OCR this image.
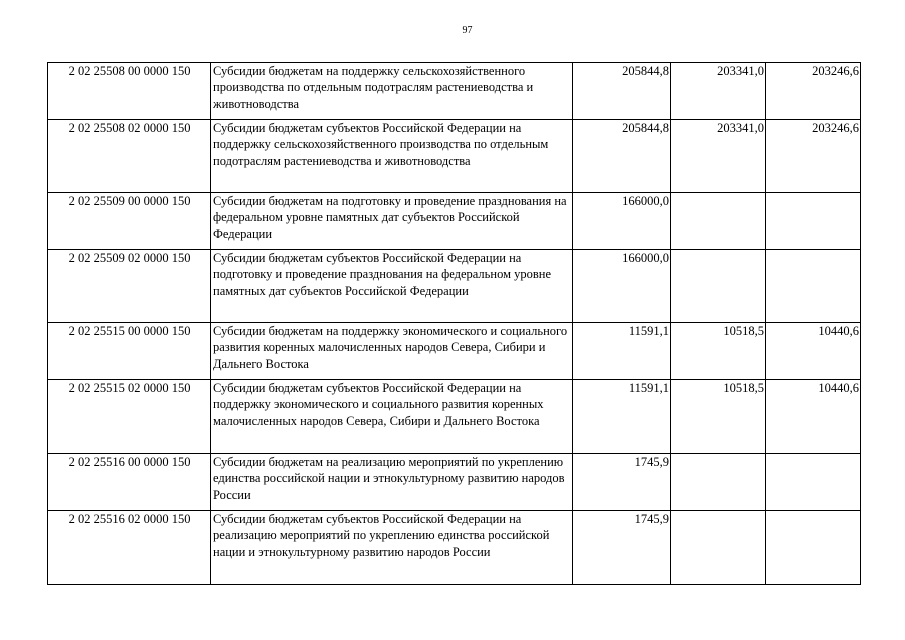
97
2 02 25508 00 0000 150	Субсидии бюджетам на поддержку сельскохозяйственного производства по отдельным подотраслям растениеводства и животноводства	205844,8	203341,0	203246,6
2 02 25508 02 0000 150	Субсидии бюджетам субъектов Российской Федерации на поддержку сельскохозяйственного производства по отдельным подотраслям растениеводства и животноводства	205844,8	203341,0	203246,6
2 02 25509 00 0000 150	Субсидии бюджетам на подготовку и проведение празднования на федеральном уровне памятных дат субъектов Российской Федерации	166000,0		
2 02 25509 02 0000 150	Субсидии бюджетам субъектов Российской Федерации на подготовку и проведение празднования на федеральном уровне памятных дат субъектов Российской Федерации	166000,0		
2 02 25515 00 0000 150	Субсидии бюджетам на поддержку экономического и социального развития коренных малочисленных народов Севера, Сибири и Дальнего Востока	11591,1	10518,5	10440,6
2 02 25515 02 0000 150	Субсидии бюджетам субъектов Российской Федерации на поддержку экономического и социального развития коренных малочисленных народов Севера, Сибири и Дальнего Востока	11591,1	10518,5	10440,6
2 02 25516 00 0000 150	Субсидии бюджетам на реализацию мероприятий по укреплению единства российской нации и этнокультурному развитию народов России	1745,9		
2 02 25516 02 0000 150	Субсидии бюджетам субъектов Российской Федерации на реализацию мероприятий по укреплению единства российской нации и этнокультурному развитию народов России	1745,9		
